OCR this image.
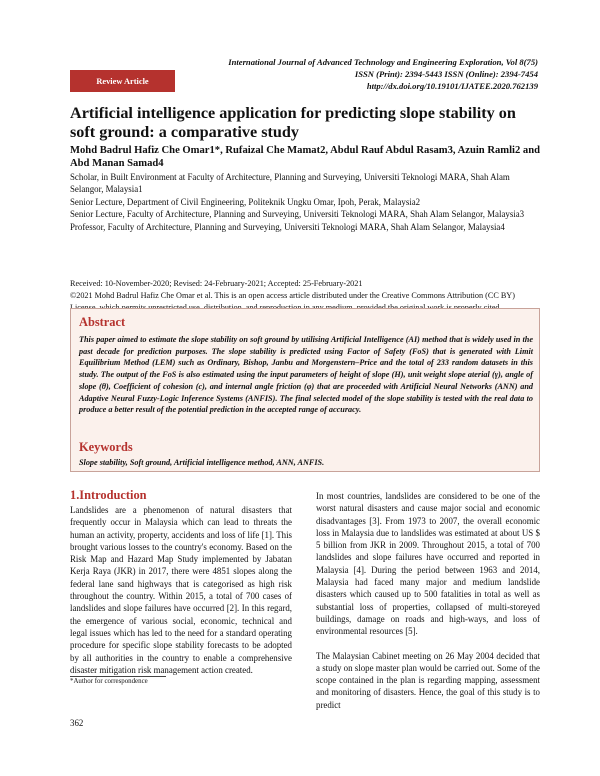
International Journal of Advanced Technology and Engineering Exploration, Vol 8(75)
ISSN (Print): 2394-5443 ISSN (Online): 2394-7454
http://dx.doi.org/10.19101/IJATEE.2020.762139
Review Article
Artificial intelligence application for predicting slope stability on soft ground: a comparative study
Mohd Badrul Hafiz Che Omar1*, Rufaizal Che Mamat2, Abdul Rauf Abdul Rasam3, Azuin Ramli2 and Abd Manan Samad4

Scholar, in Built Environment at Faculty of Architecture, Planning and Surveying, Universiti Teknologi MARA, Shah Alam Selangor, Malaysia1

Senior Lecture, Department of Civil Engineering, Politeknik Ungku Omar, Ipoh, Perak, Malaysia2

Senior Lecture, Faculty of Architecture, Planning and Surveying, Universiti Teknologi MARA, Shah Alam Selangor, Malaysia3

Professor, Faculty of Architecture, Planning and Surveying, Universiti Teknologi MARA, Shah Alam Selangor, Malaysia4

Received: 10-November-2020; Revised: 24-February-2021; Accepted: 25-February-2021
©2021 Mohd Badrul Hafiz Che Omar et al. This is an open access article distributed under the Creative Commons Attribution (CC BY)
Abstract
This paper aimed to estimate the slope stability on soft ground by utilising Artificial Intelligence (AI) method that is widely used in the past decade for prediction purposes. The slope stability is predicted using Factor of Safety (FoS) that is generated with Limit Equilibrium Method (LEM) such as Ordinary, Bishop, Janbu and Morgenstern–Price and the total of 233 random datasets in this study. The output of the FoS is also estimated using the input parameters of height of slope (H), unit weight slope aterial (γ), angle of slope (θ), Coefficient of cohesion (c), and internal angle friction (φ) that are proceeded with Artificial Neural Networks (ANN) and Adaptive Neural Fuzzy-Logic Inference Systems (ANFIS). The final selected model of the slope stability is tested with the real data to produce a better result of the potential prediction in the accepted range of accuracy.
Keywords
Slope stability, Soft ground, Artificial intelligence method, ANN, ANFIS.
1.Introduction

Landslides are a phenomenon of natural disasters that frequently occur in Malaysia which can lead to threats the human an activity, property, accidents and loss of life [1]. This brought various losses to the country's economy. Based on the Risk Map and Hazard Map Study implemented by Jabatan Kerja Raya (JKR) in 2017, there were 4851 slopes along the federal lane sand highways that is categorised as high risk throughout the country. Within 2015, a total of 700 cases of landslides and slope failures have occurred [2]. In this regard, the emergence of various social, economic, technical and legal issues which has led to the need for a standard operating procedure for specific slope stability forecasts to be adopted by all authorities in the country to enable a comprehensive disaster mitigation risk management action created.

In most countries, landslides are considered to be one of the worst natural disasters and cause major social and economic disadvantages [3]. From 1973 to 2007, the overall economic loss in Malaysia due to landslides was estimated at about US $ 5 billion from JKR in 2009. Throughout 2015, a total of 700 landslides and slope failures have occurred and reported in Malaysia [4]. During the period between 1963 and 2014, Malaysia had faced many major and medium landslide disasters which caused up to 500 fatalities in total as well as substantial loss of properties, collapsed of multi-storeyed buildings, damage on roads and high-ways, and loss of environmental resources [5].

The Malaysian Cabinet meeting on 26 May 2004 decided that a study on slope master plan would be carried out. Some of the scope contained in the plan is regarding mapping, assessment and monitoring of disasters. Hence, the goal of this study is to predict

*Author for correspondence
362
